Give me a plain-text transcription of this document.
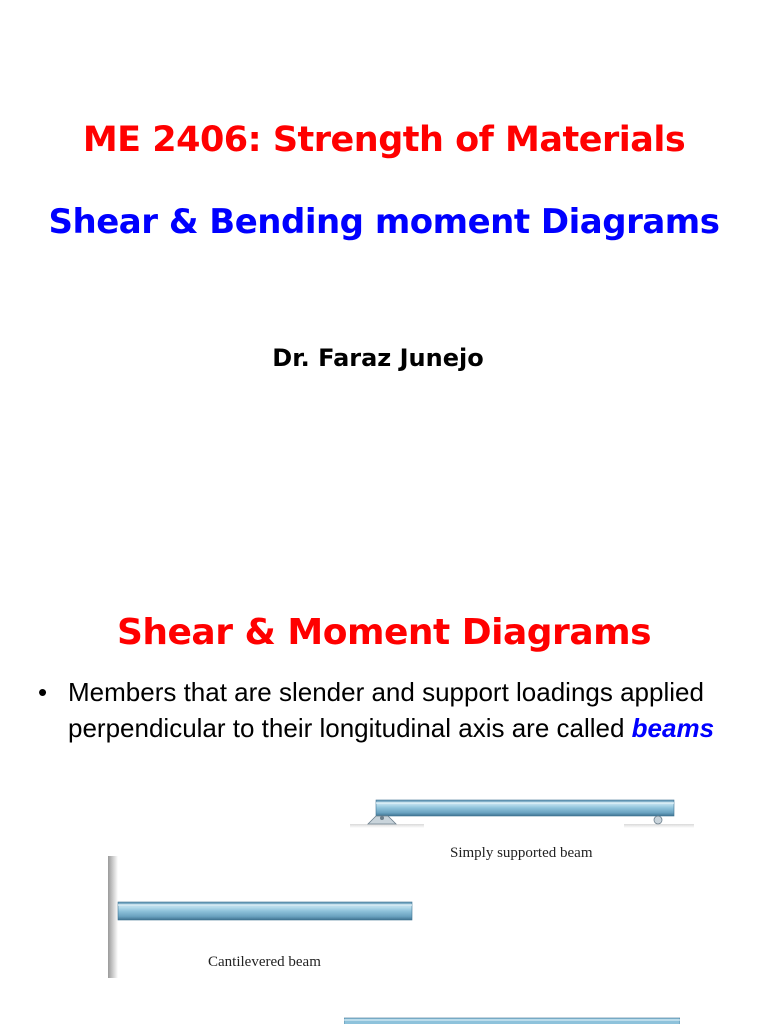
ME 2406: Strength of Materials
Shear & Bending moment Diagrams
Dr. Faraz Junejo
Shear & Moment Diagrams
• Members that are slender and support loadings applied perpendicular to their longitudinal axis are called beams
Simply supported beam
Cantilevered beam
